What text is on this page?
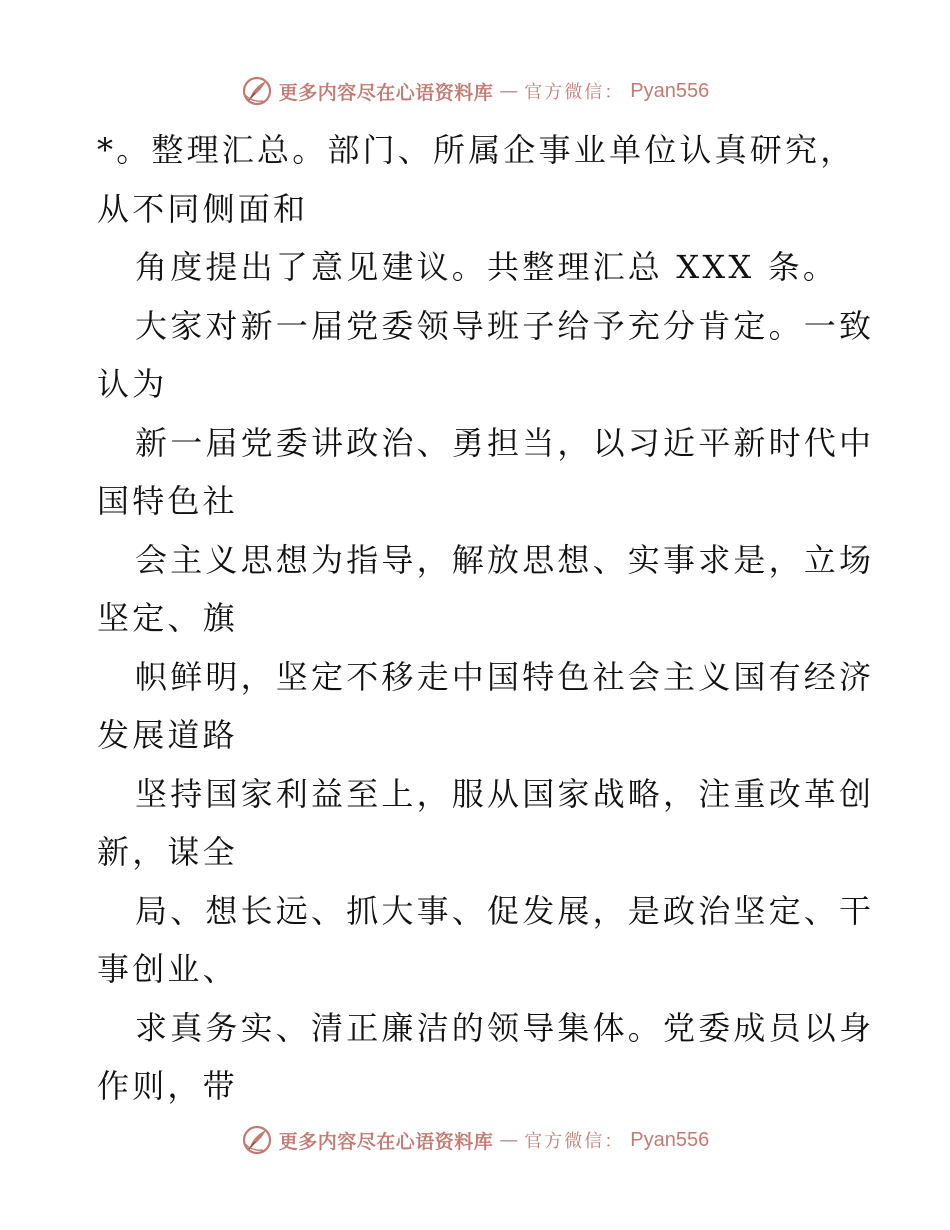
更多内容尽在心语资料库 — 官方微信： Pyan556
*。整理汇总。部门、所属企事业单位认真研究，
从不同侧面和
角度提出了意见建议。共整理汇总 XXX 条。
大家对新一届党委领导班子给予充分肯定。一致
认为
新一届党委讲政治、勇担当，以习近平新时代中
国特色社
会主义思想为指导，解放思想、实事求是，立场
坚定、旗
帜鲜明，坚定不移走中国特色社会主义国有经济
发展道路
坚持国家利益至上，服从国家战略，注重改革创
新，谋全
局、想长远、抓大事、促发展，是政治坚定、干
事创业、
求真务实、清正廉洁的领导集体。党委成员以身
作则，带
更多内容尽在心语资料库 — 官方微信： Pyan556
